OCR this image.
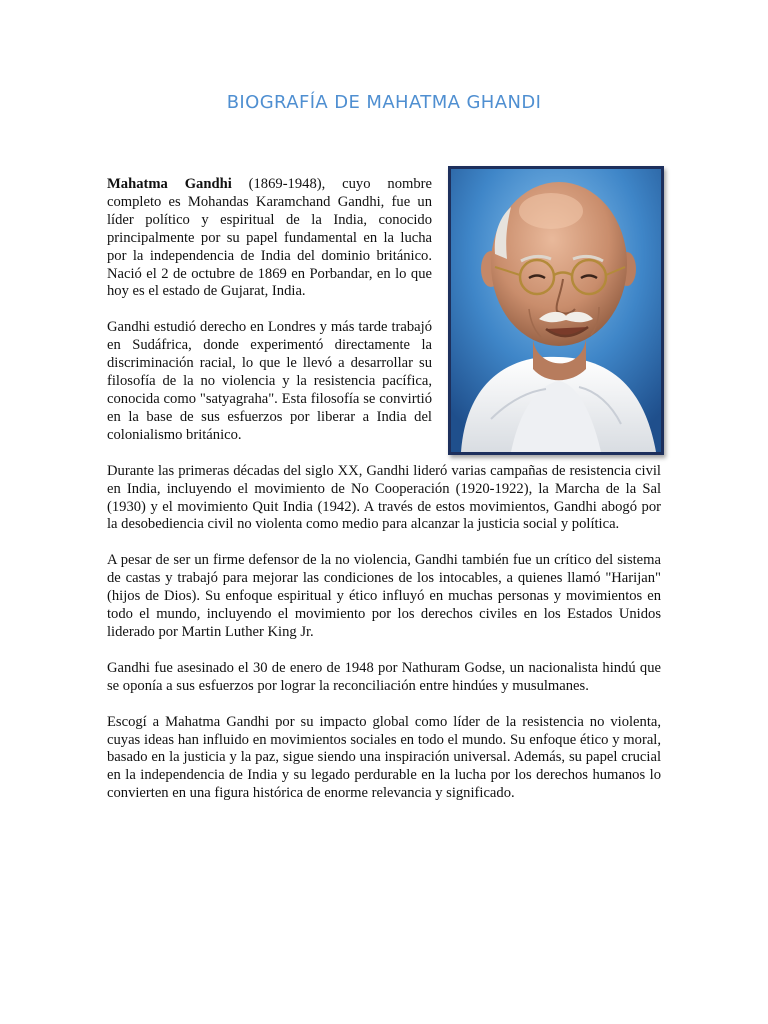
BIOGRAFÍA DE MAHATMA GHANDI

Mahatma Gandhi (1869-1948), cuyo nombre completo es Mohandas Karamchand Gandhi, fue un líder político y espiritual de la India, conocido principalmente por su papel fundamental en la lucha por la independencia de India del dominio británico. Nació el 2 de octubre de 1869 en Porbandar, en lo que hoy es el estado de Gujarat, India.

Gandhi estudió derecho en Londres y más tarde trabajó en Sudáfrica, donde experimentó directamente la discriminación racial, lo que le llevó a desarrollar su filosofía de la no violencia y la resistencia pacífica, conocida como "satyagraha". Esta filosofía se convirtió en la base de sus esfuerzos por liberar a India del colonialismo británico.

Durante las primeras décadas del siglo XX, Gandhi lideró varias campañas de resistencia civil en India, incluyendo el movimiento de No Cooperación (1920-1922), la Marcha de la Sal (1930) y el movimiento Quit India (1942). A través de estos movimientos, Gandhi abogó por la desobediencia civil no violenta como medio para alcanzar la justicia social y política.

A pesar de ser un firme defensor de la no violencia, Gandhi también fue un crítico del sistema de castas y trabajó para mejorar las condiciones de los intocables, a quienes llamó "Harijan" (hijos de Dios). Su enfoque espiritual y ético influyó en muchas personas y movimientos en todo el mundo, incluyendo el movimiento por los derechos civiles en los Estados Unidos liderado por Martin Luther King Jr.

Gandhi fue asesinado el 30 de enero de 1948 por Nathuram Godse, un nacionalista hindú que se oponía a sus esfuerzos por lograr la reconciliación entre hindúes y musulmanes.

Escogí a Mahatma Gandhi por su impacto global como líder de la resistencia no violenta, cuyas ideas han influido en movimientos sociales en todo el mundo. Su enfoque ético y moral, basado en la justicia y la paz, sigue siendo una inspiración universal. Además, su papel crucial en la independencia de India y su legado perdurable en la lucha por los derechos humanos lo convierten en una figura histórica de enorme relevancia y significado.
